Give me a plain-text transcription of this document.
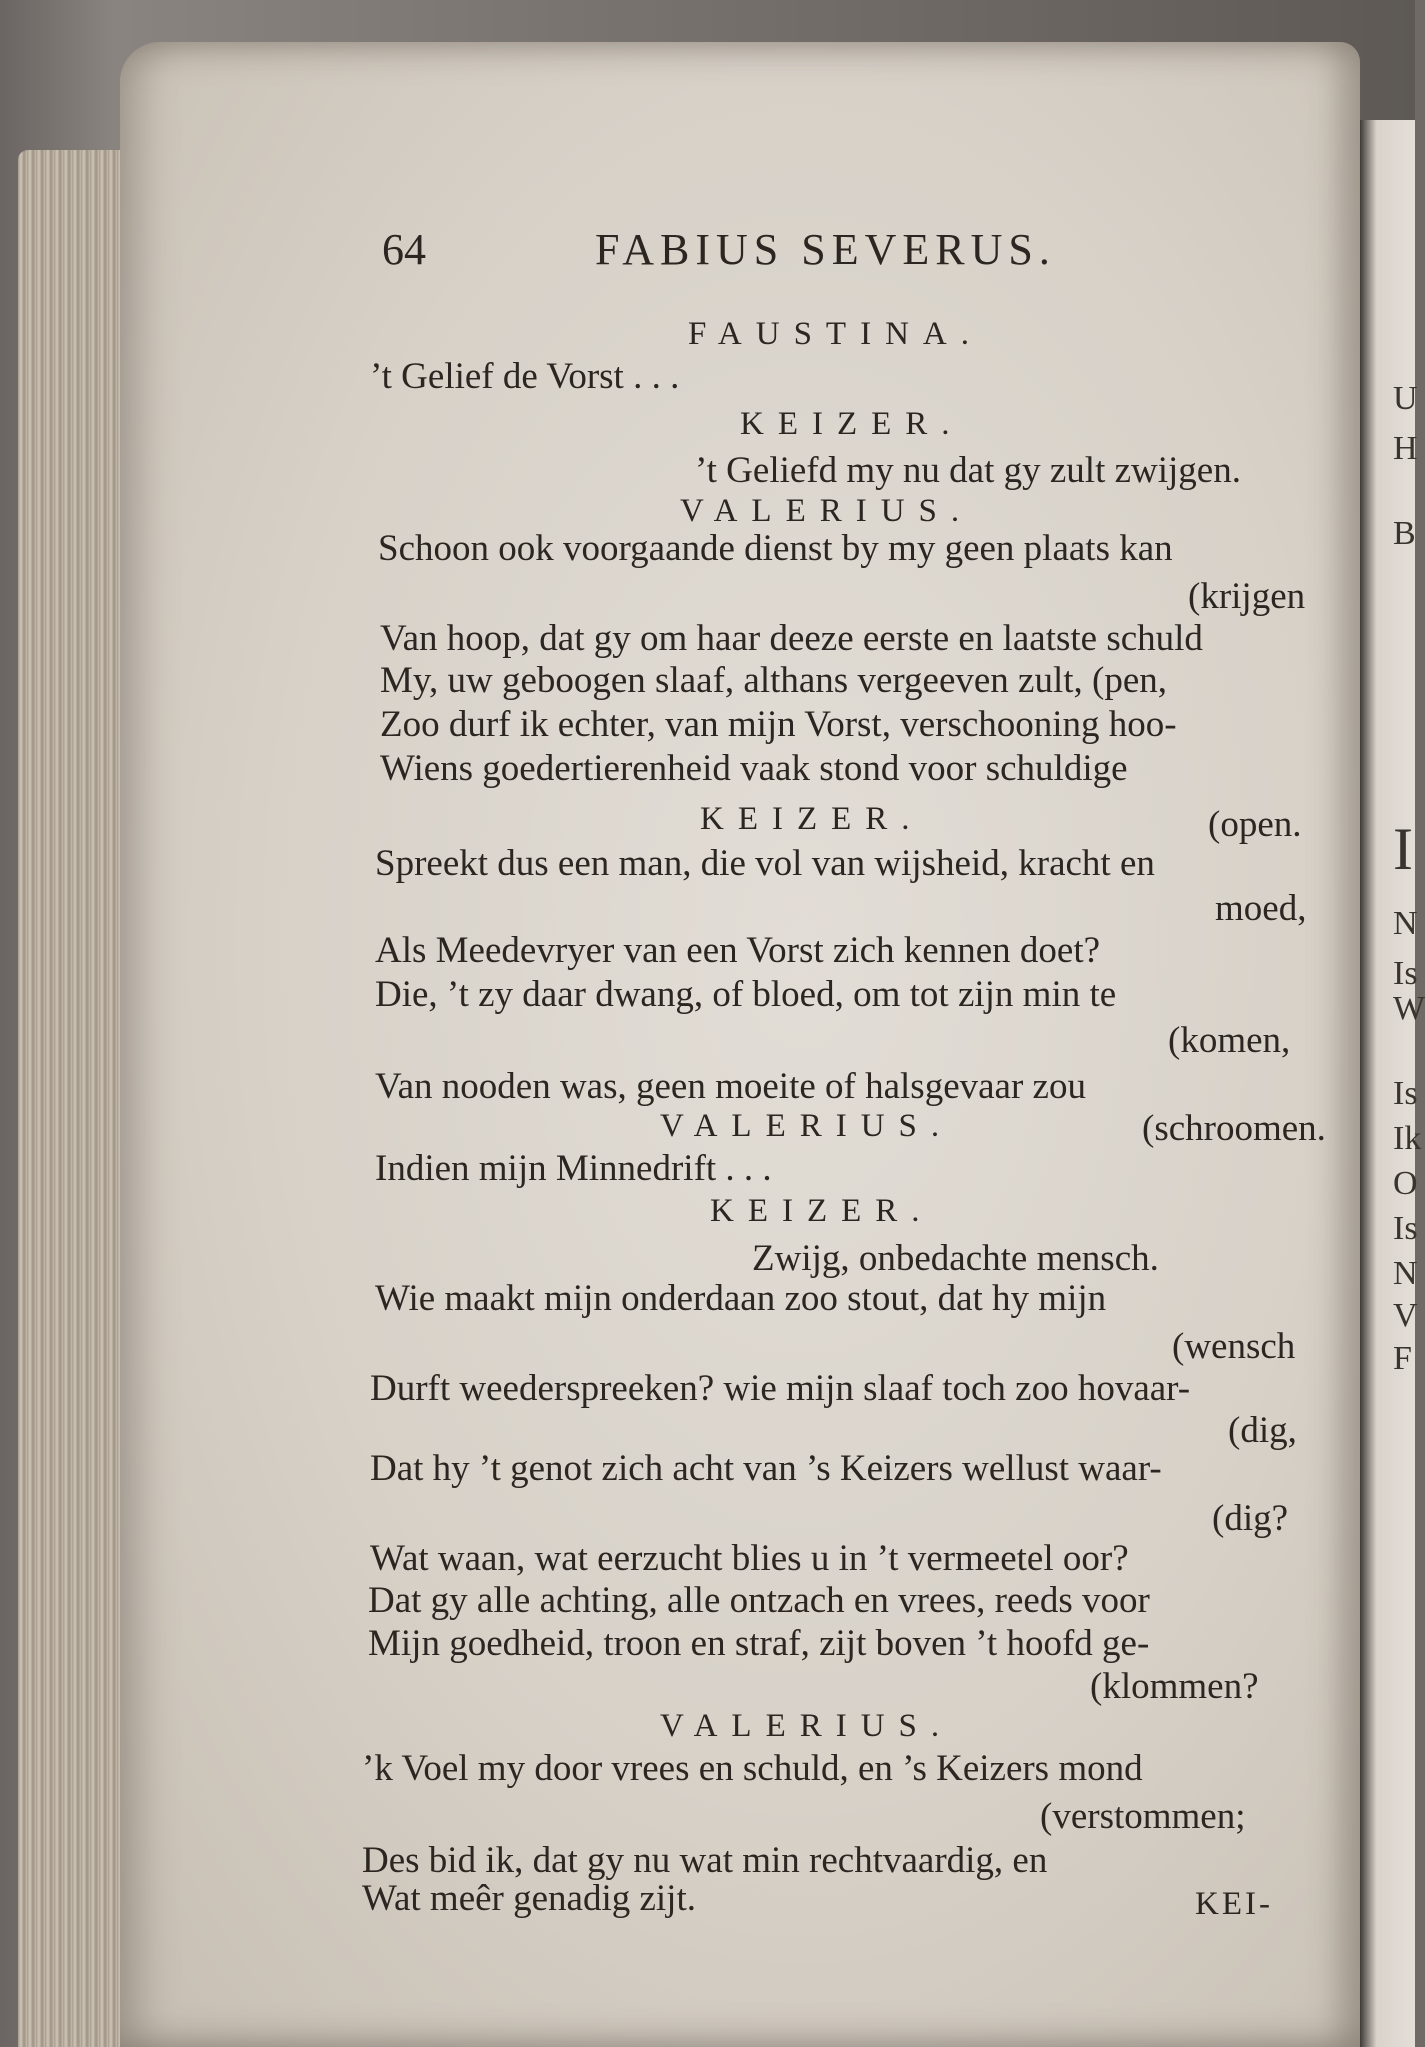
64	FABIUS SEVERUS.
FAUSTINA.
’t Gelief de Vorst . . .
KEIZER.
’t Geliefd my nu dat gy zult zwijgen.
VALERIUS.
Schoon ook voorgaande dienst by my geen plaats kan
(krijgen
Van hoop, dat gy om haar deeze eerste en laatste schuld
My, uw geboogen slaaf, althans vergeeven zult, (pen,
Zoo durf ik echter, van mijn Vorst, verschooning hoo-
Wiens goedertierenheid vaak stond voor schuldige
KEIZER.	(open.
Spreekt dus een man, die vol van wijsheid, kracht en
moed,
Als Meedevryer van een Vorst zich kennen doet?
Die, ’t zy daar dwang, of bloed, om tot zijn min te
(komen,
Van nooden was, geen moeite of halsgevaar zou
VALERIUS.	(schroomen.
Indien mijn Minnedrift . . .
KEIZER.
Zwijg, onbedachte mensch.
Wie maakt mijn onderdaan zoo stout, dat hy mijn
(wensch
Durft weederspreeken? wie mijn slaaf toch zoo hovaar-
(dig,
Dat hy ’t genot zich acht van ’s Keizers wellust waar-
(dig?
Wat waan, wat eerzucht blies u in ’t vermeetel oor?
Dat gy alle achting, alle ontzach en vrees, reeds voor
Mijn goedheid, troon en straf, zijt boven ’t hoofd ge-
(klommen?
VALERIUS.
’k Voel my door vrees en schuld, en ’s Keizers mond
(verstommen;
Des bid ik, dat gy nu wat min rechtvaardig, en
Wat meêr genadig zijt.	KEI-
U
H
B
I
N
Is
W
Is
Ik
O
Is
N
V
F
